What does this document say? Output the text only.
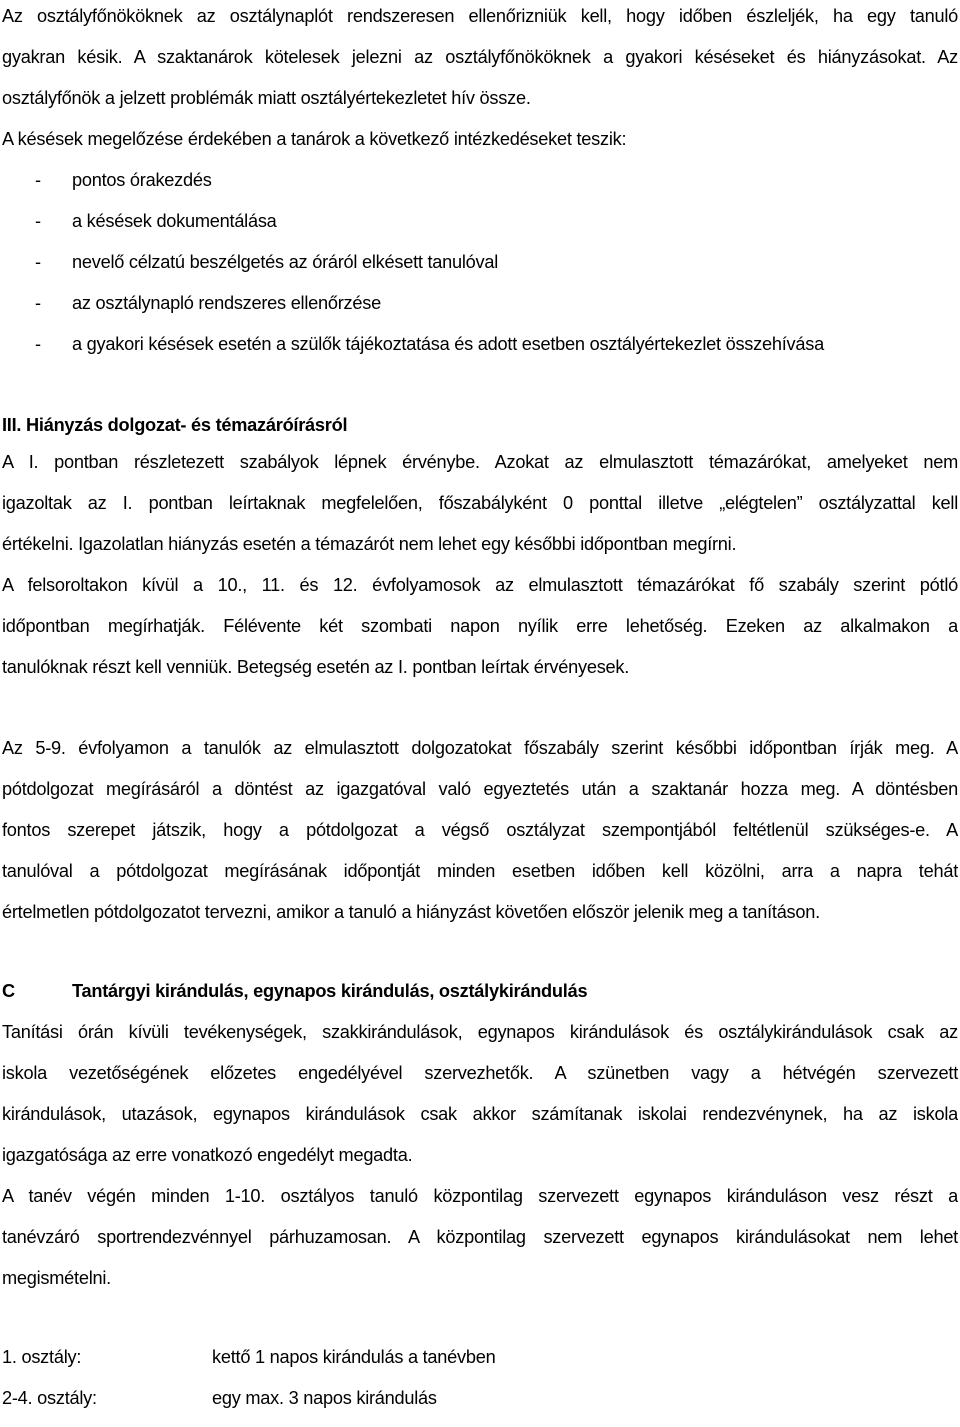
Az osztályfőnököknek az osztálynaplót rendszeresen ellenőrizniük kell, hogy időben észleljék, ha egy tanuló
gyakran késik. A szaktanárok kötelesek jelezni az osztályfőnököknek a gyakori késéseket és hiányzásokat. Az
osztályfőnök a jelzett problémák miatt osztályértekezletet hív össze.
A késések megelőzése érdekében a tanárok a következő intézkedéseket teszik:
-	pontos órakezdés
-	a késések dokumentálása
-	nevelő célzatú beszélgetés az óráról elkésett tanulóval
-	az osztálynapló rendszeres ellenőrzése
-	a gyakori késések esetén a szülők tájékoztatása és adott esetben osztályértekezlet összehívása
III. Hiányzás dolgozat- és témazáróírásról
A I. pontban részletezett szabályok lépnek érvénybe. Azokat az elmulasztott témazárókat, amelyeket nem
igazoltak az I. pontban leírtaknak megfelelően, főszabályként 0 ponttal illetve „elégtelen” osztályzattal kell
értékelni. Igazolatlan hiányzás esetén a témazárót nem lehet egy későbbi időpontban megírni.
A felsoroltakon kívül a 10., 11. és 12. évfolyamosok az elmulasztott témazárókat fő szabály szerint pótló
időpontban megírhatják. Félévente két szombati napon nyílik erre lehetőség. Ezeken az alkalmakon a
tanulóknak részt kell venniük. Betegség esetén az I. pontban leírtak érvényesek.
Az 5-9. évfolyamon a tanulók az elmulasztott dolgozatokat főszabály szerint későbbi időpontban írják meg. A
pótdolgozat megírásáról a döntést az igazgatóval való egyeztetés után a szaktanár hozza meg. A döntésben
fontos szerepet játszik, hogy a pótdolgozat a végső osztályzat szempontjából feltétlenül szükséges-e. A
tanulóval a pótdolgozat megírásának időpontját minden esetben időben kell közölni, arra a napra tehát
értelmetlen pótdolgozatot tervezni, amikor a tanuló a hiányzást követően először jelenik meg a tanításon.
C	Tantárgyi kirándulás, egynapos kirándulás, osztálykirándulás
Tanítási órán kívüli tevékenységek, szakkirándulások, egynapos kirándulások és osztálykirándulások csak az
iskola vezetőségének előzetes engedélyével szervezhetők. A szünetben vagy a hétvégén szervezett
kirándulások, utazások, egynapos kirándulások csak akkor számítanak iskolai rendezvénynek, ha az iskola
igazgatósága az erre vonatkozó engedélyt megadta.
A tanév végén minden 1-10. osztályos tanuló központilag szervezett egynapos kiránduláson vesz részt a
tanévzáró sportrendezvénnyel párhuzamosan. A központilag szervezett egynapos kirándulásokat nem lehet
megismételni.
1. osztály:	kettő 1 napos kirándulás a tanévben
2-4. osztály:	egy max. 3 napos kirándulás
